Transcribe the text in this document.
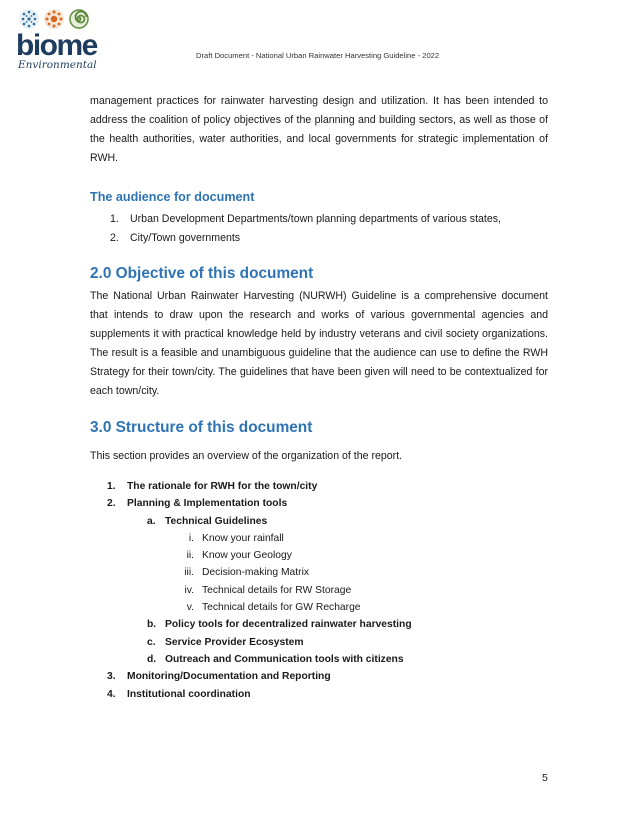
biome
Environmental
Draft Document - National Urban Rainwater Harvesting Guideline - 2022

management practices for rainwater harvesting design and utilization. It has been intended to address the coalition of policy objectives of the planning and building sectors, as well as those of the health authorities, water authorities, and local governments for strategic implementation of RWH.

The audience for document
1. Urban Development Departments/town planning departments of various states,
2. City/Town governments
2.0 Objective of this document

The National Urban Rainwater Harvesting (NURWH) Guideline is a comprehensive document that intends to draw upon the research and works of various governmental agencies and supplements it with practical knowledge held by industry veterans and civil society organizations. The result is a feasible and unambiguous guideline that the audience can use to define the RWH Strategy for their town/city. The guidelines that have been given will need to be contextualized for each town/city.

3.0 Structure of this document

This section provides an overview of the organization of the report.

1. The rationale for RWH for the town/city
2. Planning & Implementation tools
a. Technical Guidelines
i. Know your rainfall
ii. Know your Geology
iii. Decision-making Matrix
iv. Technical details for RW Storage
v. Technical details for GW Recharge
b. Policy tools for decentralized rainwater harvesting
c. Service Provider Ecosystem
d. Outreach and Communication tools with citizens
3. Monitoring/Documentation and Reporting
4. Institutional coordination
5
